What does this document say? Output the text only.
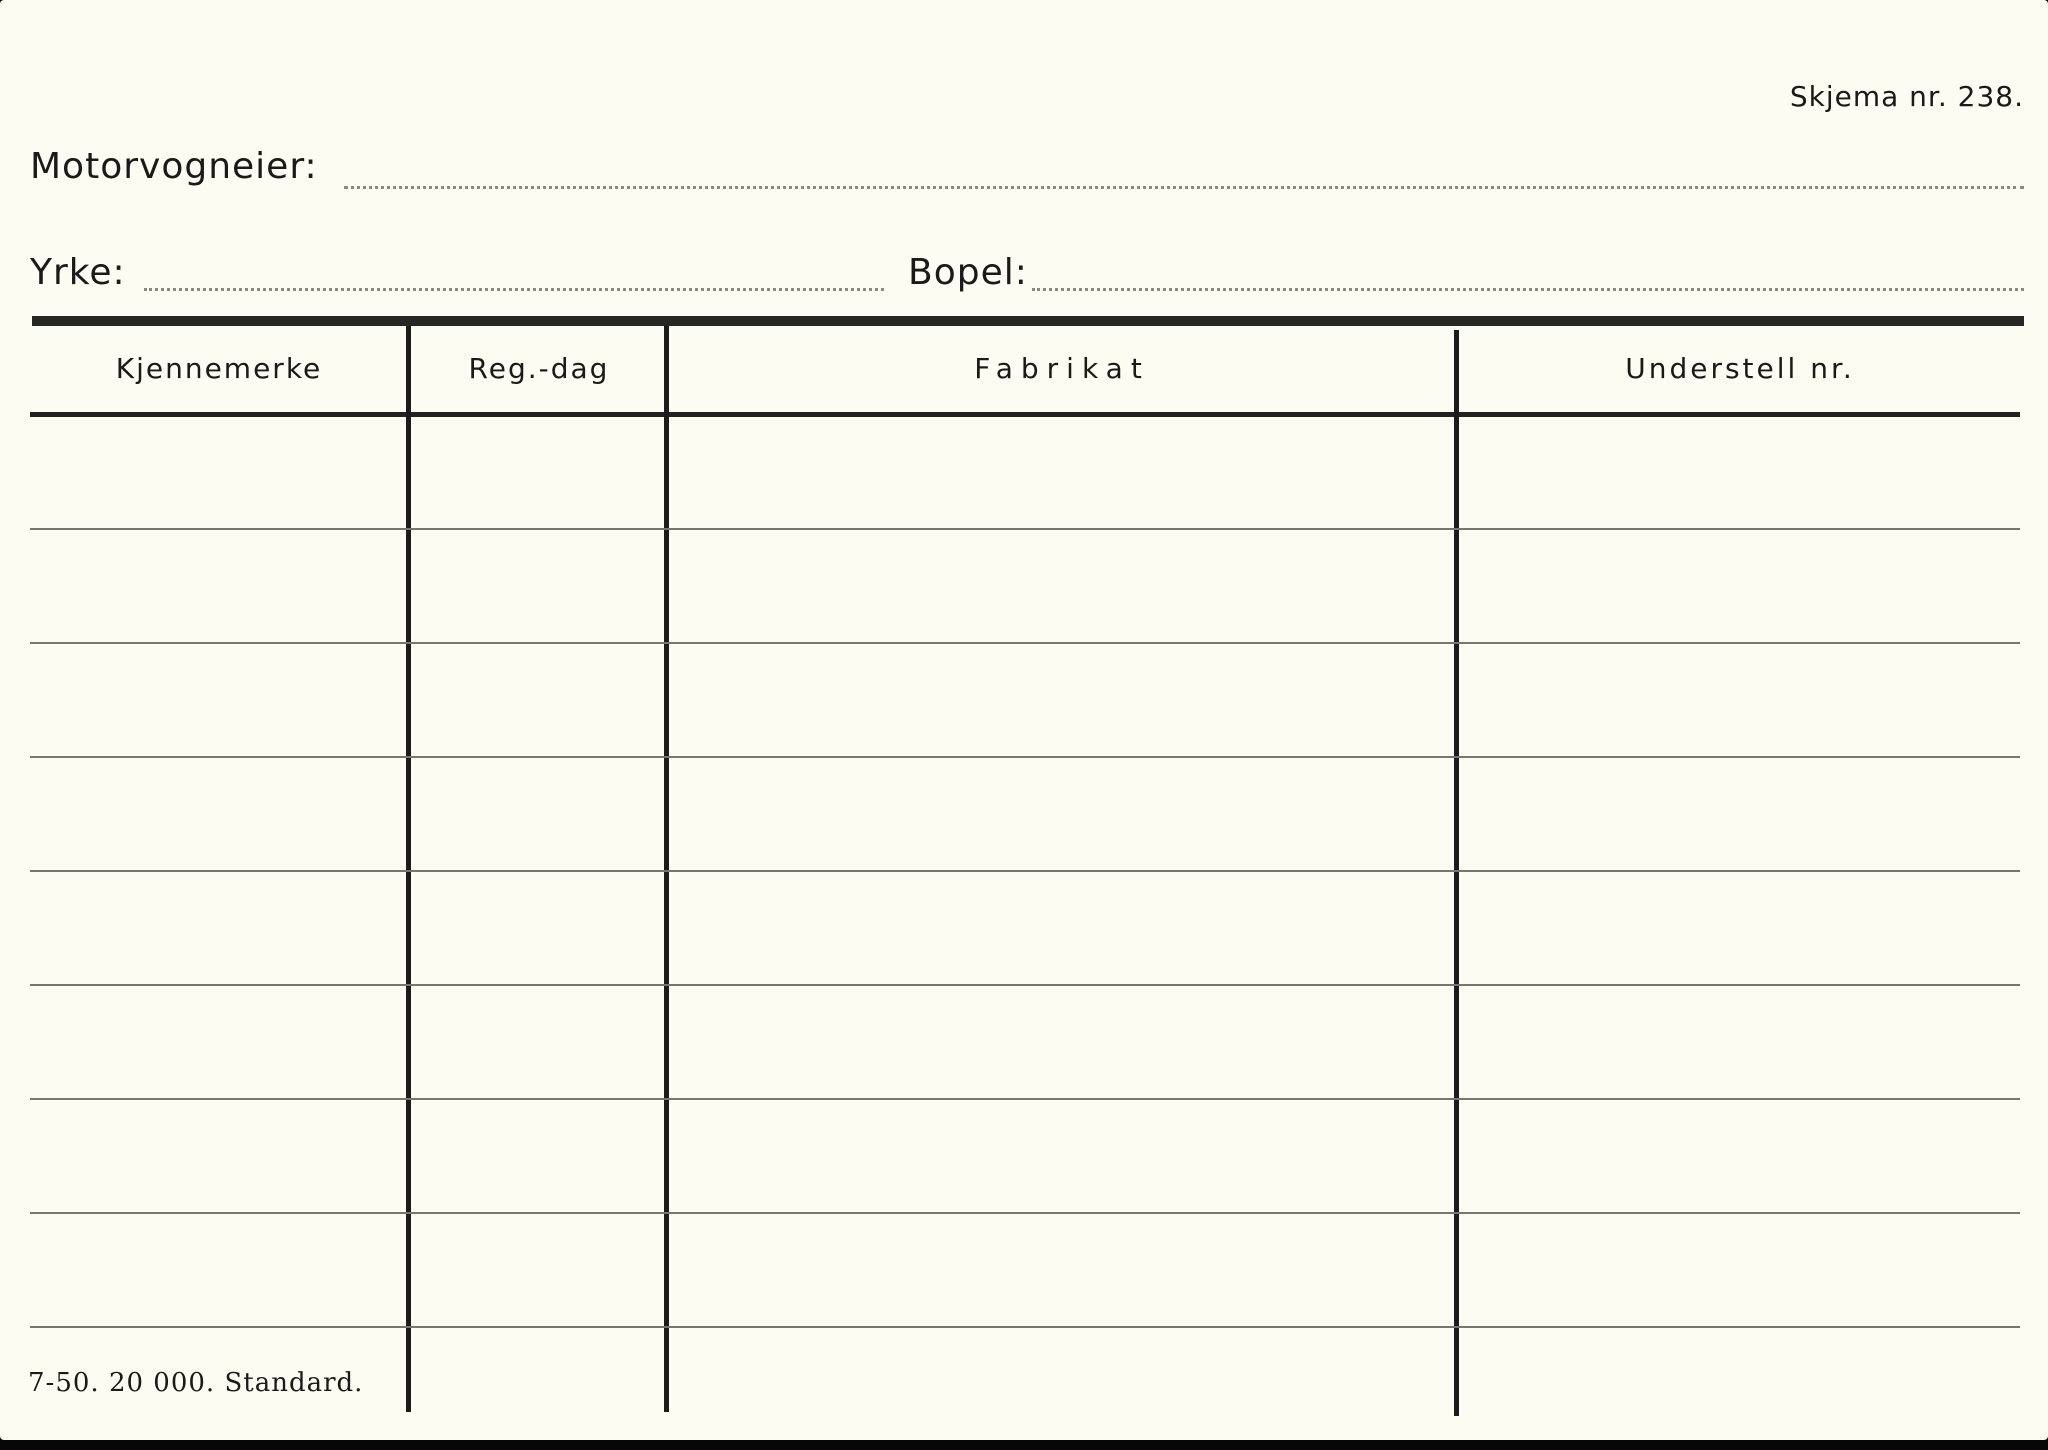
Skjema nr. 238.
Motorvogneier:
Yrke:	Bopel:
Kjennemerke	Reg.-dag	Fabrikat	Understell nr.
7-50. 20 000. Standard.
